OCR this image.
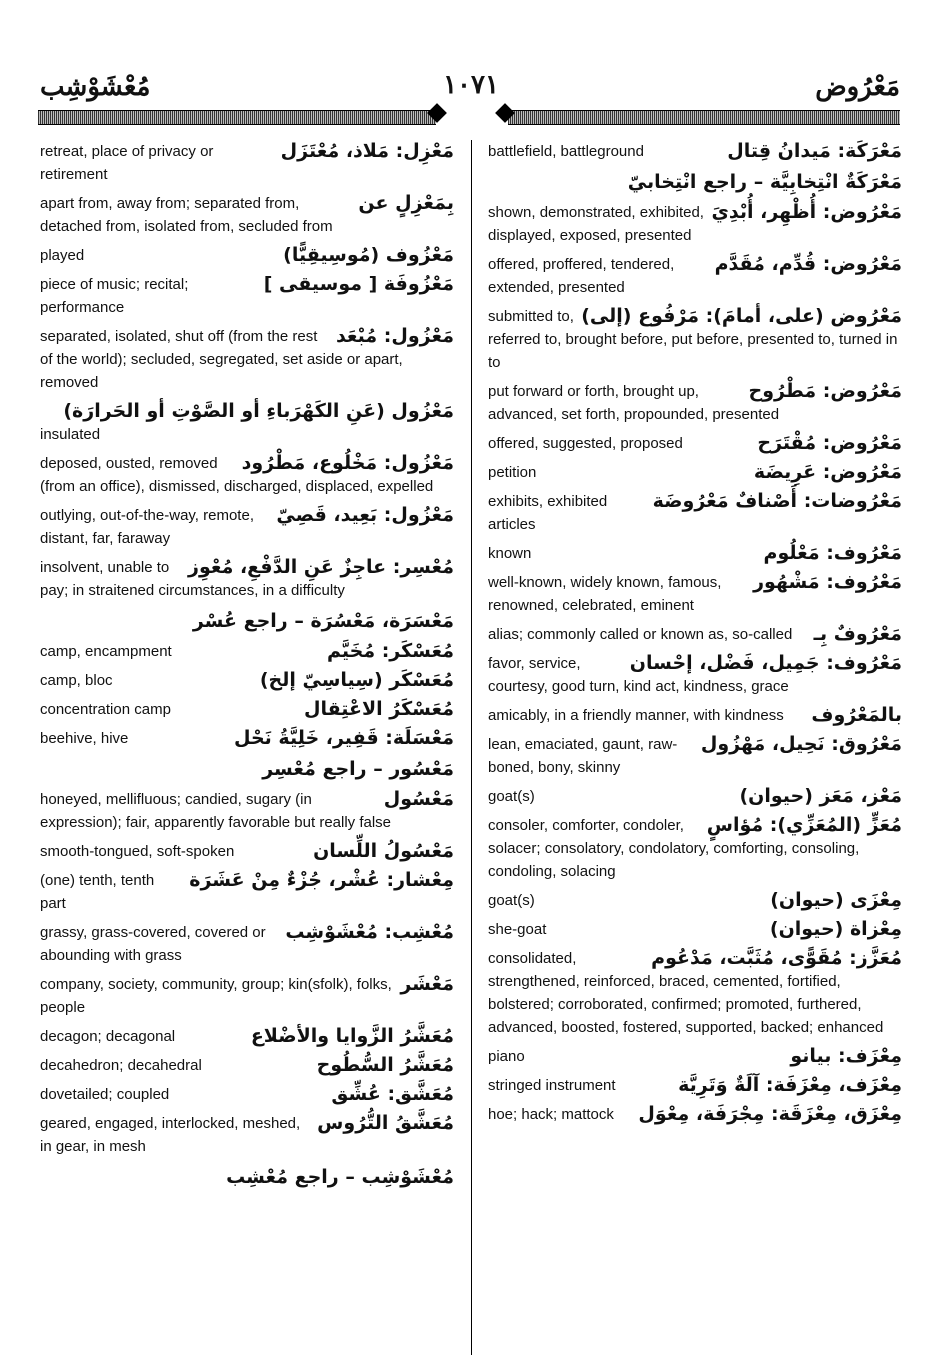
مَعْرُوض
١٠٧١
مُعْشَوْشِب
مَعْزِل: مَلاذ، مُعْتَزَل
retreat, place of privacy or retirement
بِمَعْزِلٍ عن
apart from, away from; separated from, detached from, isolated from, secluded from
مَعْزُوف (مُوسِيقِيًّا)
played
مَعْزُوفَة [ موسيقى ]
piece of music; recital; performance
مَعْزُول: مُبْعَد
separated, isolated, shut off (from the rest of the world); secluded, segregated, set aside or apart, removed
مَعْزُول (عَنِ الكَهْرَباءِ أو الصَّوْتِ أو الحَرارَة)
insulated
مَعْزُول: مَخْلُوع، مَطْرُود
deposed, ousted, removed (from an office), dismissed, discharged, displaced, expelled
مَعْزُول: بَعِيد، قَصِيّ
outlying, out-of-the-way, remote, distant, far, faraway
مُعْسِر: عاجِزٌ عَنِ الدَّفْعِ، مُعْوِز
insolvent, unable to pay; in straitened circumstances, in a difficulty
مَعْسَرَة، مَعْسُرَة – راجع عُسْر
مُعَسْكَر: مُخَيَّم
camp, encampment
مُعَسْكَر (سِياسِيّ إلخ)
camp, bloc
مُعَسْكَرُ الاعْتِقال
concentration camp
مَعْسَلَة: قَفِير، خَلِيَّةُ نَحْل
beehive, hive
مَعْسُور – راجع مُعْسِر
مَعْسُول
honeyed, mellifluous; candied, sugary (in expression); fair, apparently favorable but really false
مَعْسُولُ اللِّسان
smooth-tongued, soft-spoken
مِعْشار: عُشْر، جُزْءٌ مِنْ عَشَرَة
(one) tenth, tenth part
مُعْشِب: مُعْشَوْشِب
grassy, grass-covered, covered or abounding with grass
مَعْشَر
company, society, community, group; kin(sfolk), folks, people
مُعَشَّرُ الزَّوايا والأضْلاع
decagon; decagonal
مُعَشَّرُ السُّطُوح
decahedron; decahedral
مُعَشَّق: عُشِّق
dovetailed; coupled
مُعَشَّقُ التُّرُوس
geared, engaged, interlocked, meshed, in gear, in mesh
مُعْشَوْشِب – راجع مُعْشِب
مَعْرَكَة: مَيدانُ قِتال
battlefield, battleground
مَعْرَكَةٌ انْتِخابِيَّة – راجع انْتِخابيّ
مَعْرُوض: أُظْهِر، أُبْدِيَ
shown, demonstrated, exhibited, displayed, exposed, presented
مَعْرُوض: قُدِّم، مُقَدَّم
offered, proffered, tendered, extended, presented
مَعْرُوض (على، أمامَ): مَرْفُوع (إلى)
submitted to, referred to, brought before, put before, presented to, turned in to
مَعْرُوض: مَطْرُوح
put forward or forth, brought up, advanced, set forth, propounded, presented
مَعْرُوض: مُقْتَرَح
offered, suggested, proposed
مَعْرُوض: عَرِيضَة
petition
مَعْرُوضات: أَصْنافٌ مَعْرُوضَة
exhibits, exhibited articles
مَعْرُوف: مَعْلُوم
known
مَعْرُوف: مَشْهُور
well-known, widely known, famous, renowned, celebrated, eminent
مَعْرُوفٌ بِـ
alias; commonly called or known as, so-called
مَعْرُوف: جَمِيل، فَضْل، إحْسان
favor, service, courtesy, good turn, kind act, kindness, grace
بالمَعْرُوف
amicably, in a friendly manner, with kindness
مَعْرُوق: نَحِيل، مَهْزُول
lean, emaciated, gaunt, raw-boned, bony, skinny
مَعْز، مَعَز (حيوان)
goat(s)
مُعَزٍّ (المُعَزِّي): مُؤاسٍ
consoler, comforter, condoler, solacer; consolatory, condolatory, comforting, consoling, condoling, solacing
مِعْزَى (حيوان)
goat(s)
مِعْزاة (حيوان)
she-goat
مُعَزَّز: مُقَوًّى، مُثَبَّت، مَدْعُوم
consolidated, strengthened, reinforced, braced, cemented, fortified, bolstered; corroborated, confirmed; promoted, furthered, advanced, boosted, fostered, supported, backed; enhanced
مِعْزَف: بيانو
piano
مِعْزَف، مِعْزَفَة: آلَةٌ وَتَرِيَّة
stringed instrument
مِعْزَق، مِعْزَقَة: مِجْرَفَة، مِعْوَل
hoe; hack; mattock
